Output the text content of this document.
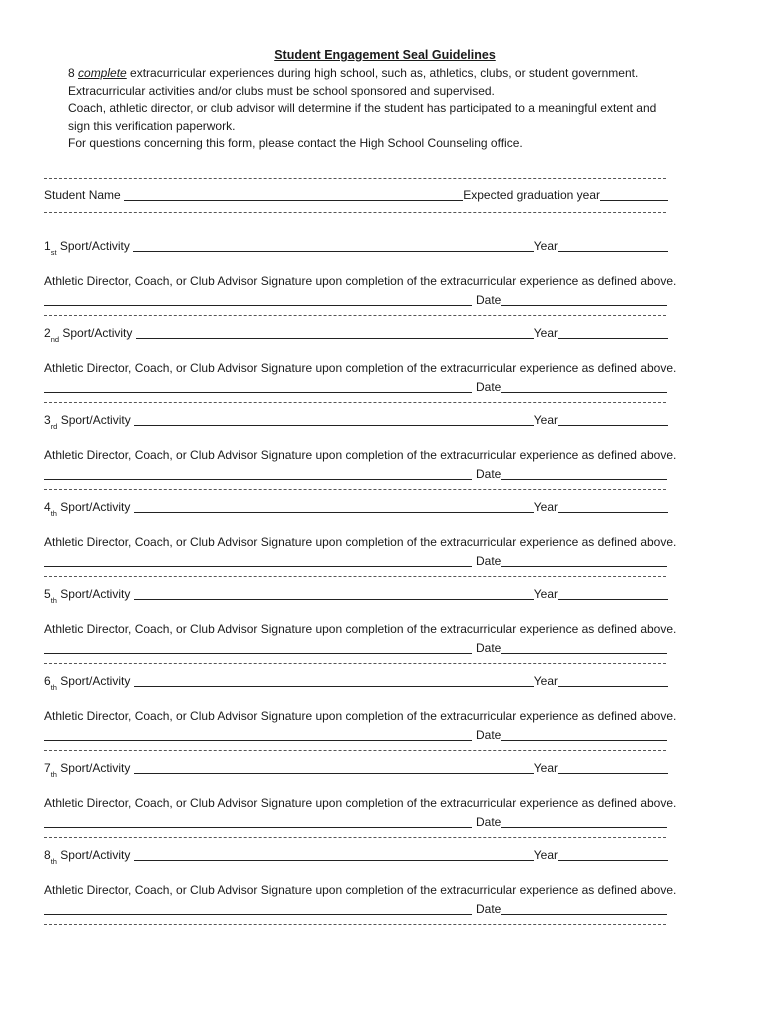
Student Engagement Seal Guidelines
8 complete extracurricular experiences during high school, such as, athletics, clubs, or student government.
Extracurricular activities and/or clubs must be school sponsored and supervised.
Coach, athletic director, or club advisor will determine if the student has participated to a meaningful extent and
sign this verification paperwork.
For questions concerning this form, please contact the High School Counseling office.
Student Name
	Expected graduation year
1 st
Sport/Activity
	Year
Athletic Director, Coach, or Club Advisor Signature upon completion of the extracurricular experience as defined above.
Date
2 nd
Sport/Activity
	Year
Athletic Director, Coach, or Club Advisor Signature upon completion of the extracurricular experience as defined above.
Date
3 rd
Sport/Activity
	Year
Athletic Director, Coach, or Club Advisor Signature upon completion of the extracurricular experience as defined above.
Date
4 th
Sport/Activity
	Year
Athletic Director, Coach, or Club Advisor Signature upon completion of the extracurricular experience as defined above.
Date
5 th
Sport/Activity
	Year
Athletic Director, Coach, or Club Advisor Signature upon completion of the extracurricular experience as defined above.
Date
6 th
Sport/Activity
	Year
Athletic Director, Coach, or Club Advisor Signature upon completion of the extracurricular experience as defined above.
Date
7 th
Sport/Activity
	Year
Athletic Director, Coach, or Club Advisor Signature upon completion of the extracurricular experience as defined above.
Date
8 th
Sport/Activity
	Year
Athletic Director, Coach, or Club Advisor Signature upon completion of the extracurricular experience as defined above.
Date
